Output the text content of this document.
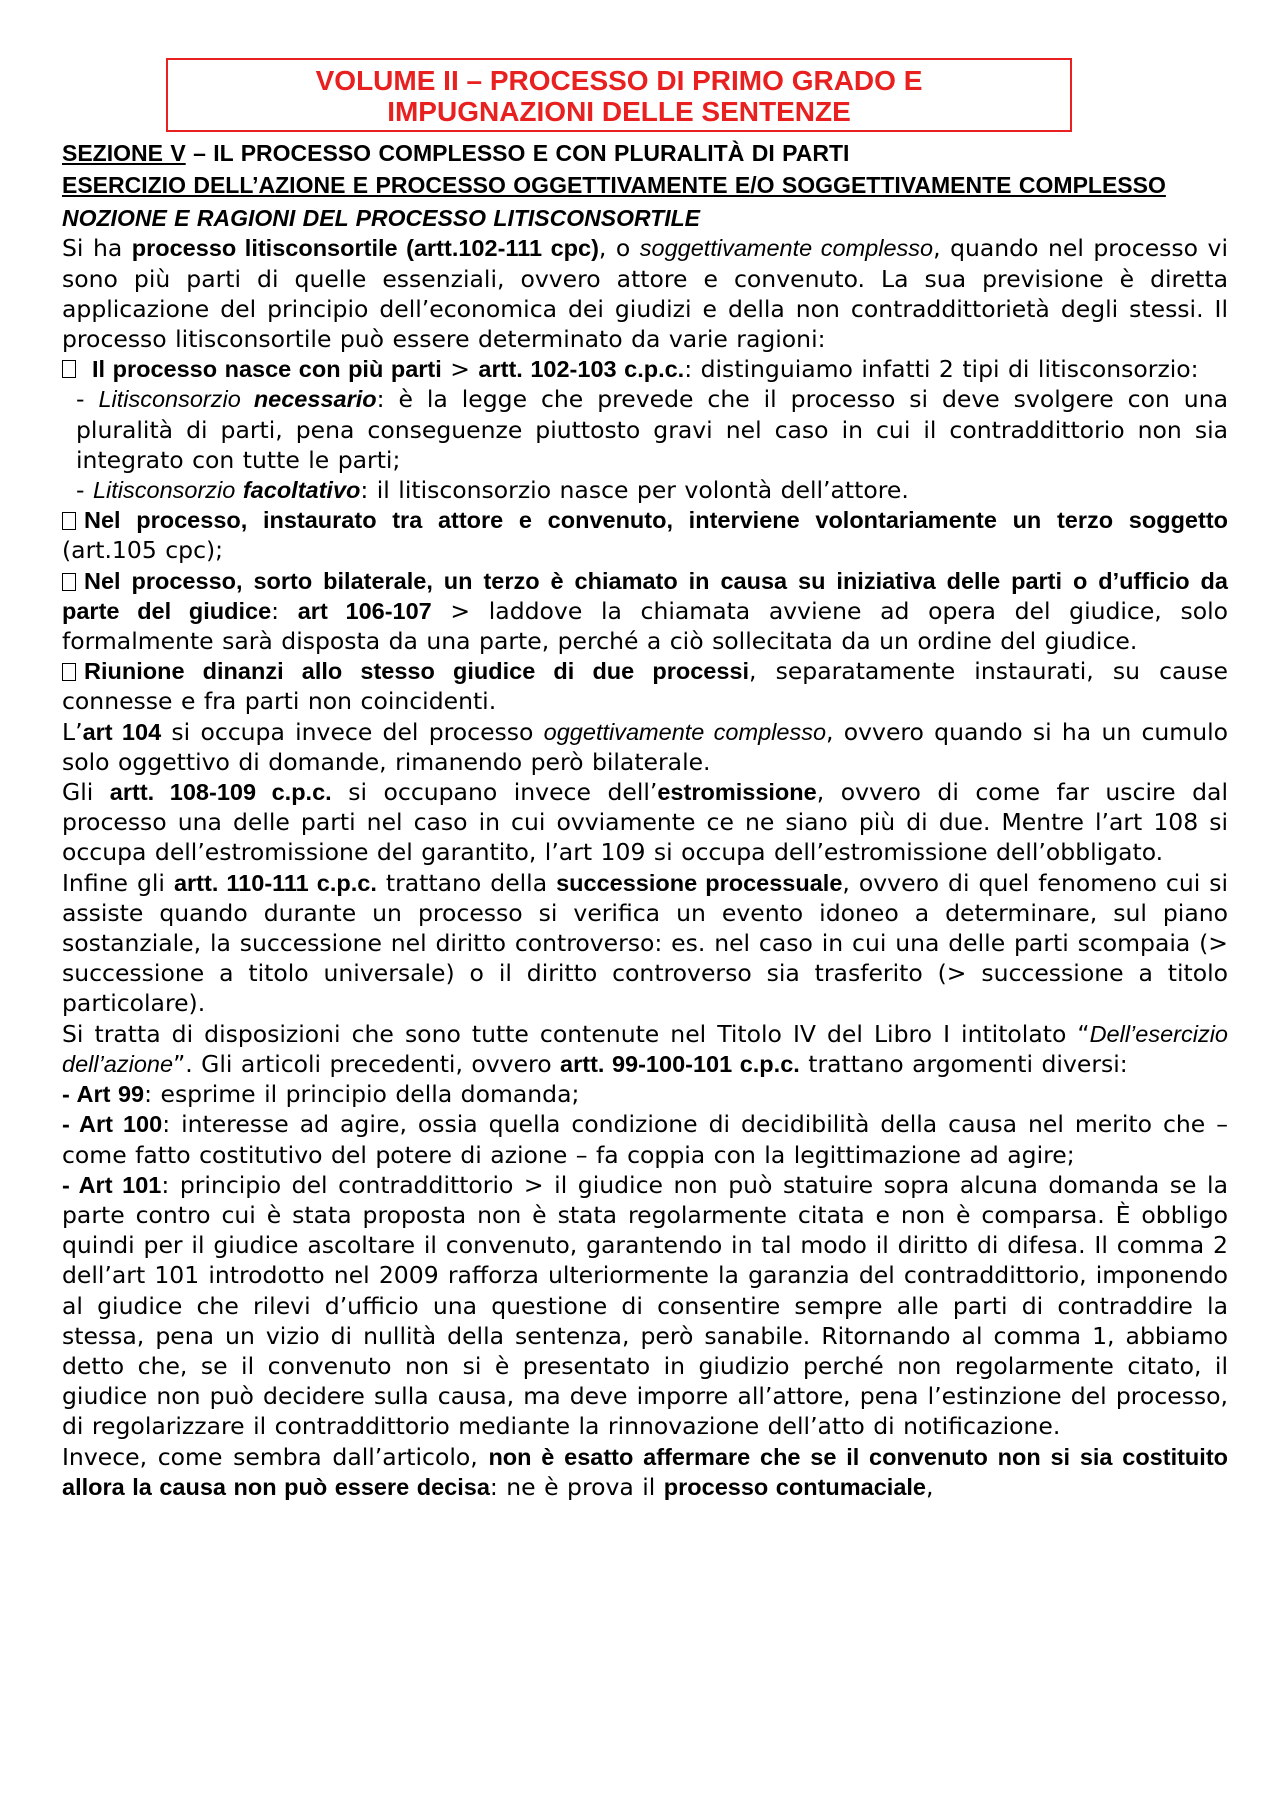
VOLUME II – PROCESSO DI PRIMO GRADO E
IMPUGNAZIONI DELLE SENTENZE

SEZIONE V – IL PROCESSO COMPLESSO E CON PLURALITÀ DI PARTI

ESERCIZIO DELL’AZIONE E PROCESSO OGGETTIVAMENTE E/O SOGGETTIVAMENTE COMPLESSO

NOZIONE E RAGIONI DEL PROCESSO LITISCONSORTILE

Si ha processo litisconsortile (artt.102-111 cpc), o soggettivamente complesso, quando nel processo vi sono più parti di quelle essenziali, ovvero attore e convenuto. La sua previsione è diretta applicazione del principio dell’economica dei giudizi e della non contraddittorietà degli stessi. Il processo litisconsortile può essere determinato da varie ragioni:

Il processo nasce con più parti > artt. 102-103 c.p.c.: distinguiamo infatti 2 tipi di litisconsorzio:

- Litisconsorzio necessario: è la legge che prevede che il processo si deve svolgere con una pluralità di parti, pena conseguenze piuttosto gravi nel caso in cui il contraddittorio non sia integrato con tutte le parti;

- Litisconsorzio facoltativo: il litisconsorzio nasce per volontà dell’attore.

Nel processo, instaurato tra attore e convenuto, interviene volontariamente un terzo soggetto (art.105 cpc);

Nel processo, sorto bilaterale, un terzo è chiamato in causa su iniziativa delle parti o d’ufficio da parte del giudice: art 106-107 > laddove la chiamata avviene ad opera del giudice, solo formalmente sarà disposta da una parte, perché a ciò sollecitata da un ordine del giudice.

Riunione dinanzi allo stesso giudice di due processi, separatamente instaurati, su cause connesse e fra parti non coincidenti.

L’art 104 si occupa invece del processo oggettivamente complesso, ovvero quando si ha un cumulo solo oggettivo di domande, rimanendo però bilaterale.

Gli artt. 108-109 c.p.c. si occupano invece dell’estromissione, ovvero di come far uscire dal processo una delle parti nel caso in cui ovviamente ce ne siano più di due. Mentre l’art 108 si occupa dell’estromissione del garantito, l’art 109 si occupa dell’estromissione dell’obbligato.

Infine gli artt. 110-111 c.p.c. trattano della successione processuale, ovvero di quel fenomeno cui si assiste quando durante un processo si verifica un evento idoneo a determinare, sul piano sostanziale, la successione nel diritto controverso: es. nel caso in cui una delle parti scompaia (> successione a titolo universale) o il diritto controverso sia trasferito (> successione a titolo particolare).

Si tratta di disposizioni che sono tutte contenute nel Titolo IV del Libro I intitolato “Dell’esercizio dell’azione”. Gli articoli precedenti, ovvero artt. 99-100-101 c.p.c. trattano argomenti diversi:

- Art 99: esprime il principio della domanda;

- Art 100: interesse ad agire, ossia quella condizione di decidibilità della causa nel merito che – come fatto costitutivo del potere di azione – fa coppia con la legittimazione ad agire;

- Art 101: principio del contraddittorio > il giudice non può statuire sopra alcuna domanda se la parte contro cui è stata proposta non è stata regolarmente citata e non è comparsa. È obbligo quindi per il giudice ascoltare il convenuto, garantendo in tal modo il diritto di difesa. Il comma 2 dell’art 101 introdotto nel 2009 rafforza ulteriormente la garanzia del contraddittorio, imponendo al giudice che rilevi d’ufficio una questione di consentire sempre alle parti di contraddire la stessa, pena un vizio di nullità della sentenza, però sanabile. Ritornando al comma 1, abbiamo detto che, se il convenuto non si è presentato in giudizio perché non regolarmente citato, il giudice non può decidere sulla causa, ma deve imporre all’attore, pena l’estinzione del processo, di regolarizzare il contraddittorio mediante la rinnovazione dell’atto di notificazione.

Invece, come sembra dall’articolo, non è esatto affermare che se il convenuto non si sia costituito allora la causa non può essere decisa: ne è prova il processo contumaciale,
